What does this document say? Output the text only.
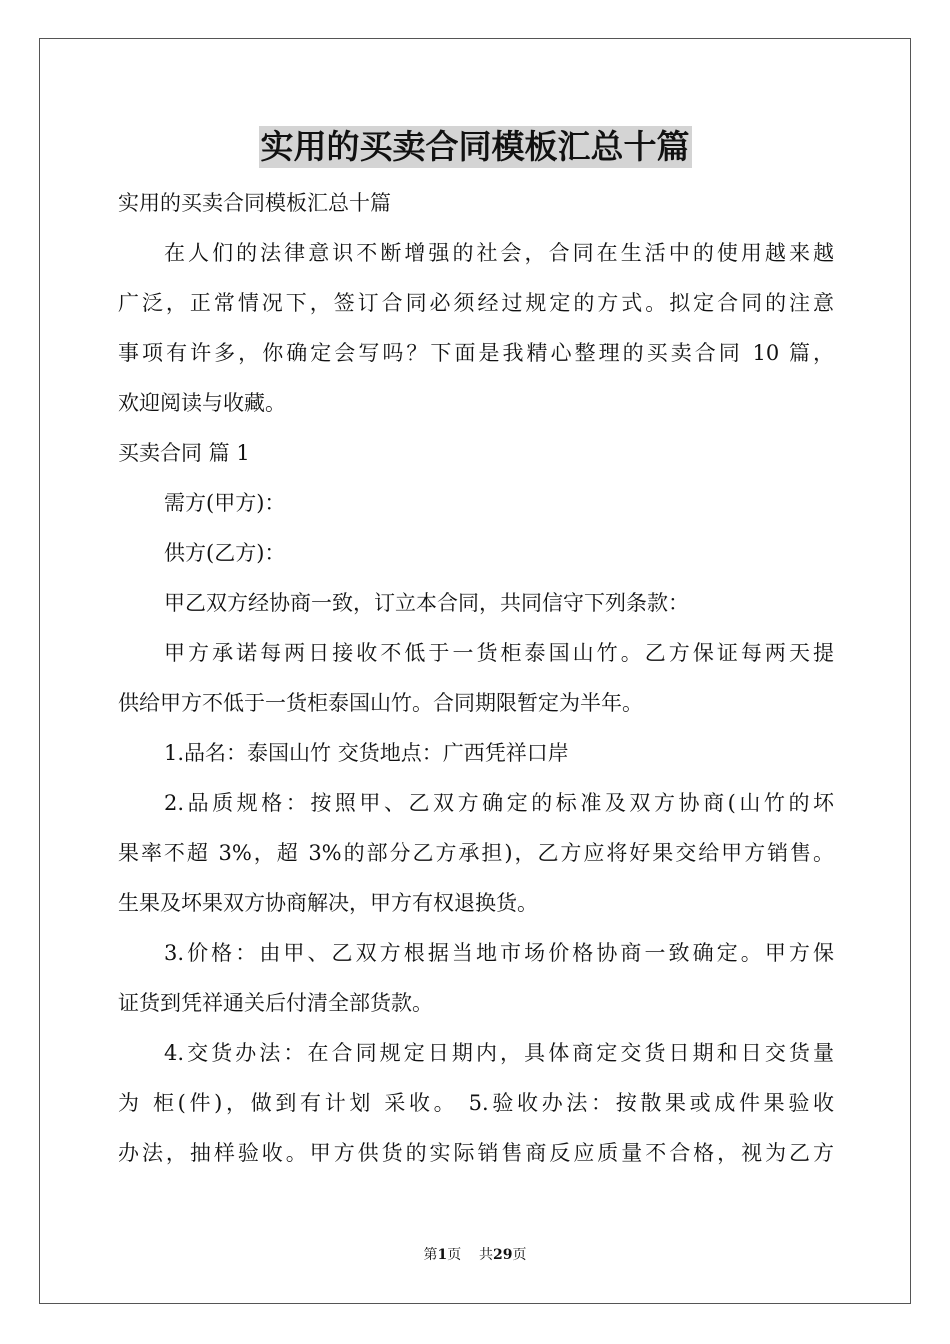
实用的买卖合同模板汇总十篇
实用的买卖合同模板汇总十篇
在人们的法律意识不断增强的社会，合同在生活中的使用越来越
广泛，正常情况下，签订合同必须经过规定的方式。拟定合同的注意
事项有许多，你确定会写吗？下面是我精心整理的买卖合同 10 篇，
欢迎阅读与收藏。
买卖合同 篇 1
需方(甲方)：
供方(乙方)：
甲乙双方经协商一致，订立本合同，共同信守下列条款：
甲方承诺每两日接收不低于一货柜泰国山竹。乙方保证每两天提
供给甲方不低于一货柜泰国山竹。合同期限暂定为半年。
1.品名：泰国山竹 交货地点：广西凭祥口岸
2.品质规格：按照甲、乙双方确定的标准及双方协商(山竹的坏
果率不超 3%，超 3%的部分乙方承担)，乙方应将好果交给甲方销售。
生果及坏果双方协商解决，甲方有权退换货。
3.价格：由甲、乙双方根据当地市场价格协商一致确定。甲方保
证货到凭祥通关后付清全部货款。
4.交货办法：在合同规定日期内，具体商定交货日期和日交货量
为 柜(件)，做到有计划 采收。 5.验收办法：按散果或成件果验收
办法，抽样验收。甲方供货的实际销售商反应质量不合格，视为乙方
第1页 共29页
